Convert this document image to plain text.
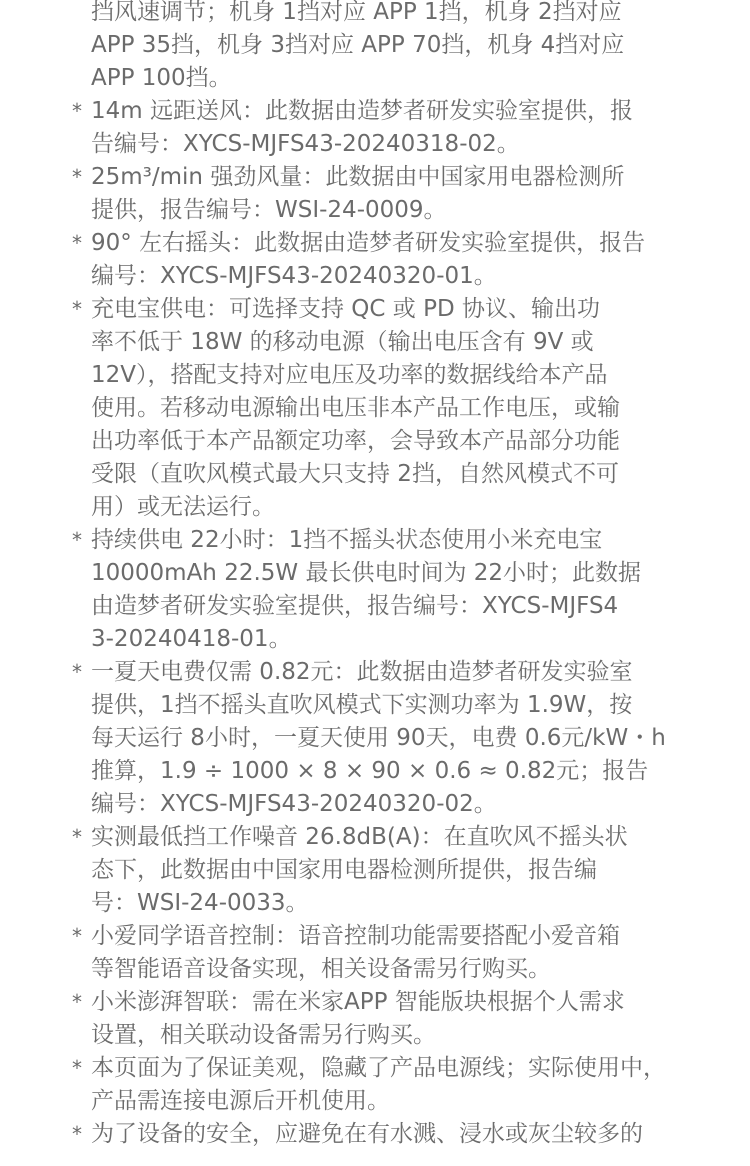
挡风速调节；机身 1挡对应 APP 1挡，机身 2挡对应
APP 35挡，机身 3挡对应 APP 70挡，机身 4挡对应
APP 100挡。
* 14m 远距送风：此数据由造梦者研发实验室提供，报
告编号：XYCS-MJFS43-20240318-02。
* 25m³/min 强劲风量：此数据由中国家用电器检测所
提供，报告编号：WSI-24-0009。
* 90° 左右摇头：此数据由造梦者研发实验室提供，报告
编号：XYCS-MJFS43-20240320-01。
* 充电宝供电：可选择支持 QC 或 PD 协议、输出功
率不低于 18W 的移动电源（输出电压含有 9V 或
12V），搭配支持对应电压及功率的数据线给本产品
使用。若移动电源输出电压非本产品工作电压，或输
出功率低于本产品额定功率，会导致本产品部分功能
受限（直吹风模式最大只支持 2挡，自然风模式不可
用）或无法运行。
* 持续供电 22小时：1挡不摇头状态使用小米充电宝
10000mAh 22.5W 最长供电时间为 22小时；此数据
由造梦者研发实验室提供，报告编号：XYCS-MJFS4
3-20240418-01。
* 一夏天电费仅需 0.82元：此数据由造梦者研发实验室
提供，1挡不摇头直吹风模式下实测功率为 1.9W，按
每天运行 8小时，一夏天使用 90天，电费 0.6元/kW・h
推算，1.9 ÷ 1000 × 8 × 90 × 0.6 ≈ 0.82元；报告
编号：XYCS-MJFS43-20240320-02。
* 实测最低挡工作噪音 26.8dB(A)：在直吹风不摇头状
态下，此数据由中国家用电器检测所提供，报告编
号：WSI-24-0033。
* 小爱同学语音控制：语音控制功能需要搭配小爱音箱
等智能语音设备实现，相关设备需另行购买。
* 小米澎湃智联：需在米家APP 智能版块根据个人需求
设置，相关联动设备需另行购买。
* 本页面为了保证美观，隐藏了产品电源线；实际使用中，
产品需连接电源后开机使用。
* 为了设备的安全，应避免在有水溅、浸水或灰尘较多的
